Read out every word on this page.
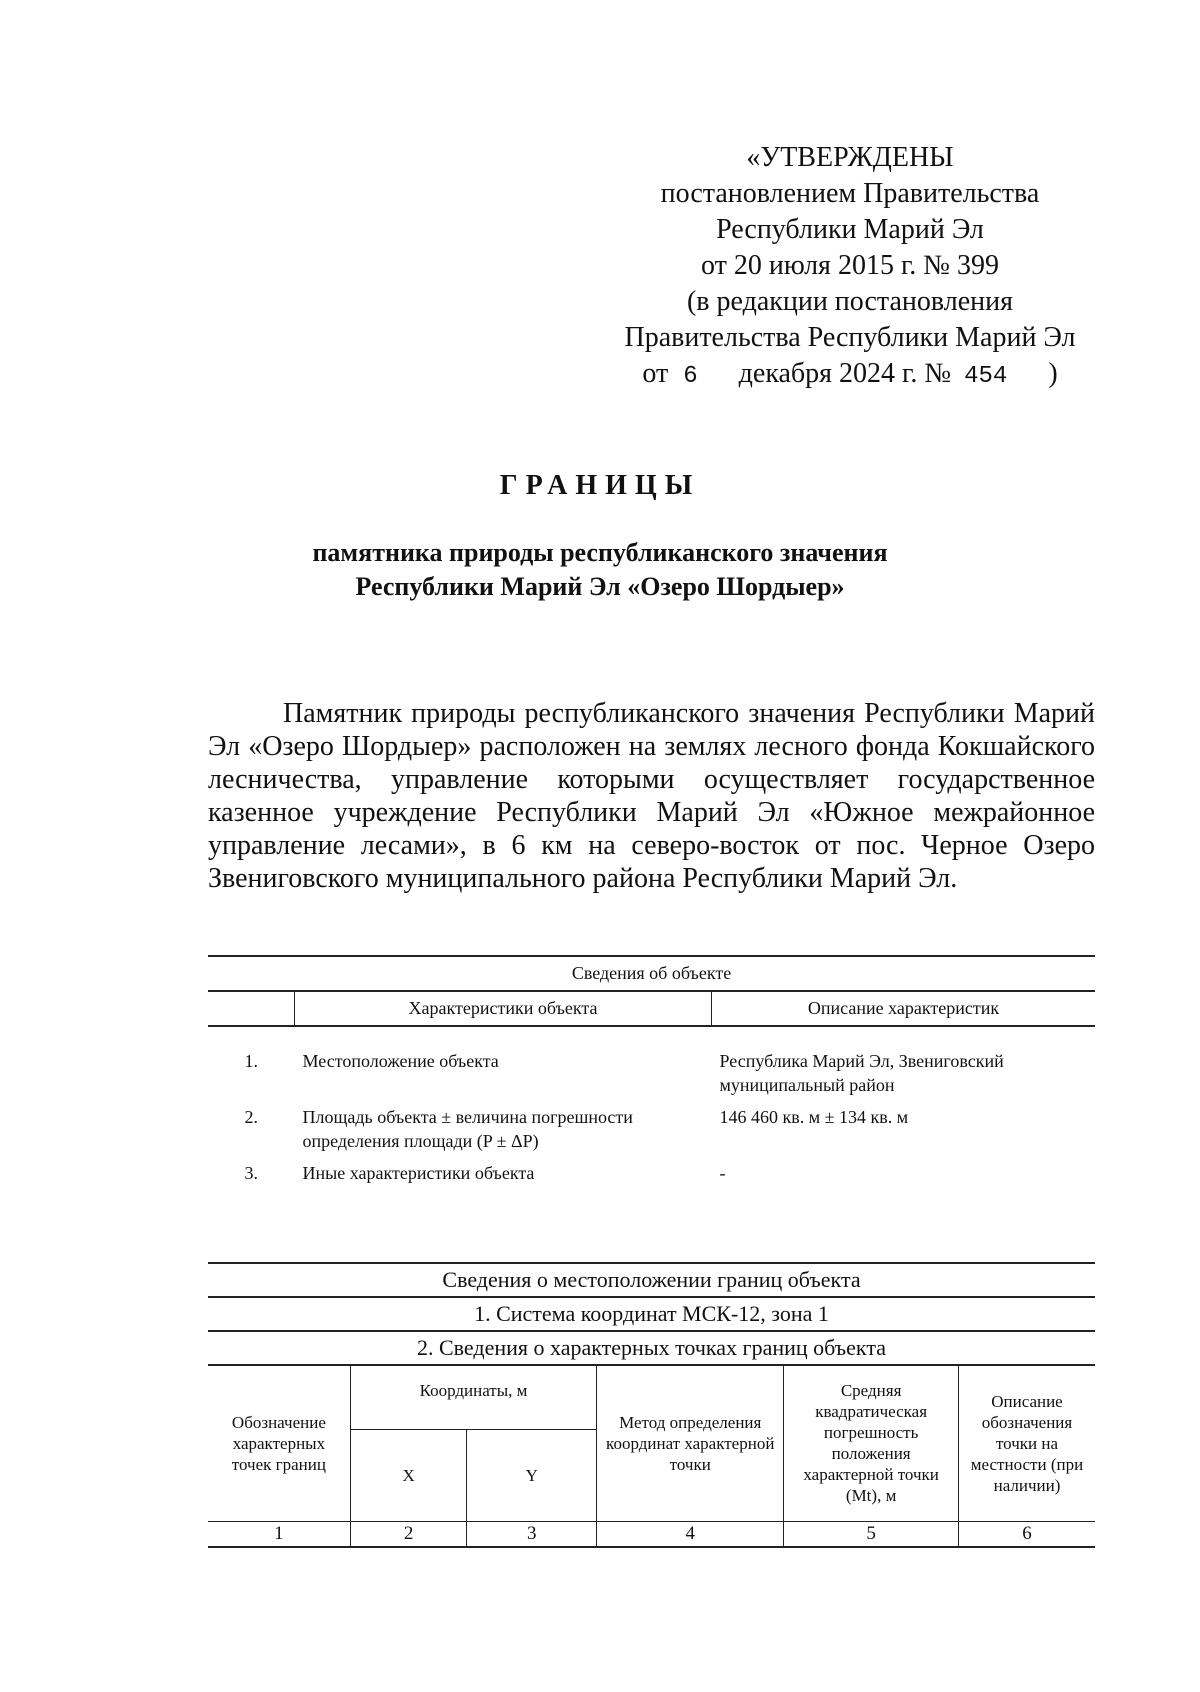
«УТВЕРЖДЕНЫ
постановлением Правительства
Республики Марий Эл
от 20 июля 2015 г. № 399
(в редакции постановления
Правительства Республики Марий Эл
от 6 декабря 2024 г. № 454 )
ГРАНИЦЫ
памятника природы республиканского значения
Республики Марий Эл «Озеро Шордыер»
Памятник природы республиканского значения Республики Марий Эл «Озеро Шордыер» расположен на землях лесного фонда Кокшайского лесничества, управление которыми осуществляет государственное казенное учреждение Республики Марий Эл «Южное межрайонное управление лесами», в 6 км на северо-восток от пос. Черное Озеро Звениговского муниципального района Республики Марий Эл.
Сведения об объекте		
	Характеристики объекта	Описание характеристик
1.	Местоположение объекта	Республика Марий Эл, Звениговский муниципальный район
2.	Площадь объекта ± величина погрешности определения площади (P ± ΔP)	146 460 кв. м ± 134 кв. м
3.	Иные характеристики объекта	-
Сведения о местоположении границ объекта					
1. Система координат МСК-12, зона 1					
2. Сведения о характерных точках границ объекта					
Обозначение характерных точек границ	Координаты, м		Метод определения координат характерной точки	Средняя квадратическая погрешность положения характерной точки (Mt), м	Описание обозначения точки на местности (при наличии)
	X	Y			
1	2	3	4	5	6
